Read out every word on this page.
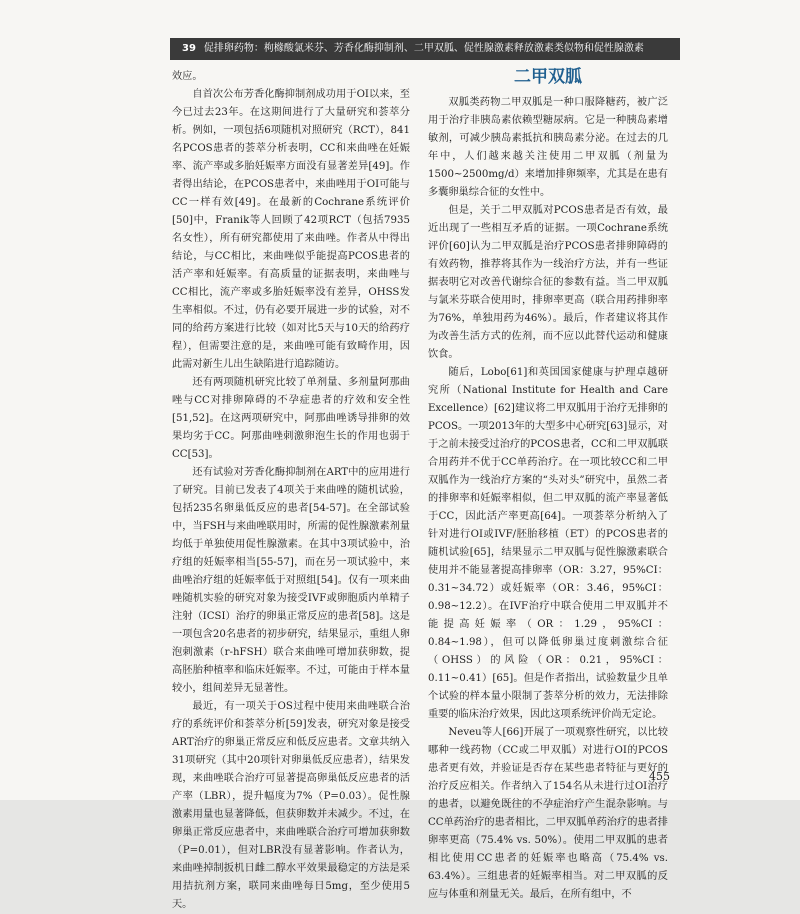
39 促排卵药物：枸橼酸氯米芬、芳香化酶抑制剂、二甲双胍、促性腺激素释放激素类似物和促性腺激素

效应。

自首次公布芳香化酶抑制剂成功用于OI以来，至今已过去23年。在这期间进行了大量研究和荟萃分析。例如，一项包括6项随机对照研究（RCT），841名PCOS患者的荟萃分析表明，CC和来曲唑在妊娠率、流产率或多胎妊娠率方面没有显著差异[49]。作者得出结论，在PCOS患者中，来曲唑用于OI可能与CC一样有效[49]。在最新的Cochrane系统评价[50]中，Franik等人回顾了42项RCT（包括7935名女性），所有研究都使用了来曲唑。作者从中得出结论，与CC相比，来曲唑似乎能提高PCOS患者的活产率和妊娠率。有高质量的证据表明，来曲唑与CC相比，流产率或多胎妊娠率没有差异，OHSS发生率相似。不过，仍有必要开展进一步的试验，对不同的给药方案进行比较（如对比5天与10天的给药疗程），但需要注意的是，来曲唑可能有致畸作用，因此需对新生儿出生缺陷进行追踪随访。

还有两项随机研究比较了单剂量、多剂量阿那曲唑与CC对排卵障碍的不孕症患者的疗效和安全性[51,52]。在这两项研究中，阿那曲唑诱导排卵的效果均劣于CC。阿那曲唑刺激卵泡生长的作用也弱于CC[53]。

还有试验对芳香化酶抑制剂在ART中的应用进行了研究。目前已发表了4项关于来曲唑的随机试验，包括235名卵巢低反应的患者[54-57]。在全部试验中，当FSH与来曲唑联用时，所需的促性腺激素剂量均低于单独使用促性腺激素。在其中3项试验中，治疗组的妊娠率相当[55-57]，而在另一项试验中，来曲唑治疗组的妊娠率低于对照组[54]。仅有一项来曲唑随机实验的研究对象为接受IVF或卵胞质内单精子注射（ICSI）治疗的卵巢正常反应的患者[58]。这是一项包含20名患者的初步研究，结果显示，重组人卵泡刺激素（r-hFSH）联合来曲唑可增加获卵数，提高胚胎种植率和临床妊娠率。不过，可能由于样本量较小，组间差异无显著性。

最近，有一项关于OS过程中使用来曲唑联合治疗的系统评价和荟萃分析[59]发表，研究对象是接受ART治疗的卵巢正常反应和低反应患者。文章共纳入31项研究（其中20项针对卵巢低反应患者），结果发现，来曲唑联合治疗可显著提高卵巢低反应患者的活产率（LBR），提升幅度为7%（P=0.03）。促性腺激素用量也显著降低，但获卵数并未减少。不过，在卵巢正常反应患者中，来曲唑联合治疗可增加获卵数（P=0.01），但对LBR没有显著影响。作者认为，来曲唑掉制扳机日雌二醇水平效果最稳定的方法是采用拮抗剂方案，联同来曲唑每日5mg，至少使用5天。

二甲双胍

双胍类药物二甲双胍是一种口服降糖药，被广泛用于治疗非胰岛素依赖型糖尿病。它是一种胰岛素增敏剂，可减少胰岛素抵抗和胰岛素分泌。在过去的几年中，人们越来越关注使用二甲双胍（剂量为1500~2500mg/d）来增加排卵频率，尤其是在患有多囊卵巢综合征的女性中。

但是，关于二甲双胍对PCOS患者是否有效，最近出现了一些相互矛盾的证据。一项Cochrane系统评价[60]认为二甲双胍是治疗PCOS患者排卵障碍的有效药物，推荐将其作为一线治疗方法，并有一些证据表明它对改善代谢综合征的参数有益。当二甲双胍与氯米芬联合使用时，排卵率更高（联合用药排卵率为76%，单独用药为46%）。最后，作者建议将其作为改善生活方式的佐剂，而不应以此替代运动和健康饮食。

随后，Lobo[61]和英国国家健康与护理卓越研究所（National Institute for Health and Care Excellence）[62]建议将二甲双胍用于治疗无排卵的PCOS。一项2013年的大型多中心研究[63]显示，对于之前未接受过治疗的PCOS患者，CC和二甲双胍联合用药并不优于CC单药治疗。在一项比较CC和二甲双胍作为一线治疗方案的“头对头”研究中，虽然二者的排卵率和妊娠率相似，但二甲双胍的流产率显著低于CC，因此活产率更高[64]。一项荟萃分析纳入了针对进行OI或IVF/胚胎移植（ET）的PCOS患者的随机试验[65]，结果显示二甲双胍与促性腺激素联合使用并不能显著提高排卵率（OR：3.27，95%CI：0.31~34.72）或妊娠率（OR：3.46，95%CI：0.98~12.2）。在IVF治疗中联合使用二甲双胍并不能提高妊娠率（OR：1.29，95%CI：0.84~1.98），但可以降低卵巢过度刺激综合征（OHSS）的风险（OR：0.21，95%CI：0.11~0.41）[65]。但是作者指出，试验数量少且单个试验的样本量小限制了荟萃分析的效力，无法排除重要的临床治疗效果，因此这项系统评价尚无定论。

Neveu等人[66]开展了一项观察性研究，以比较哪种一线药物（CC或二甲双胍）对进行OI的PCOS患者更有效，并验证是否存在某些患者特征与更好的治疗反应相关。作者纳入了154名从未进行过OI治疗的患者，以避免既往的不孕症治疗产生混杂影响。与CC单药治疗的患者相比，二甲双胍单药治疗的患者排卵率更高（75.4% vs. 50%）。使用二甲双胍的患者相比使用CC患者的妊娠率也略高（75.4% vs. 63.4%）。三组患者的妊娠率相当。对二甲双胍的反应与体重和剂量无关。最后，在所有组中，不

455
